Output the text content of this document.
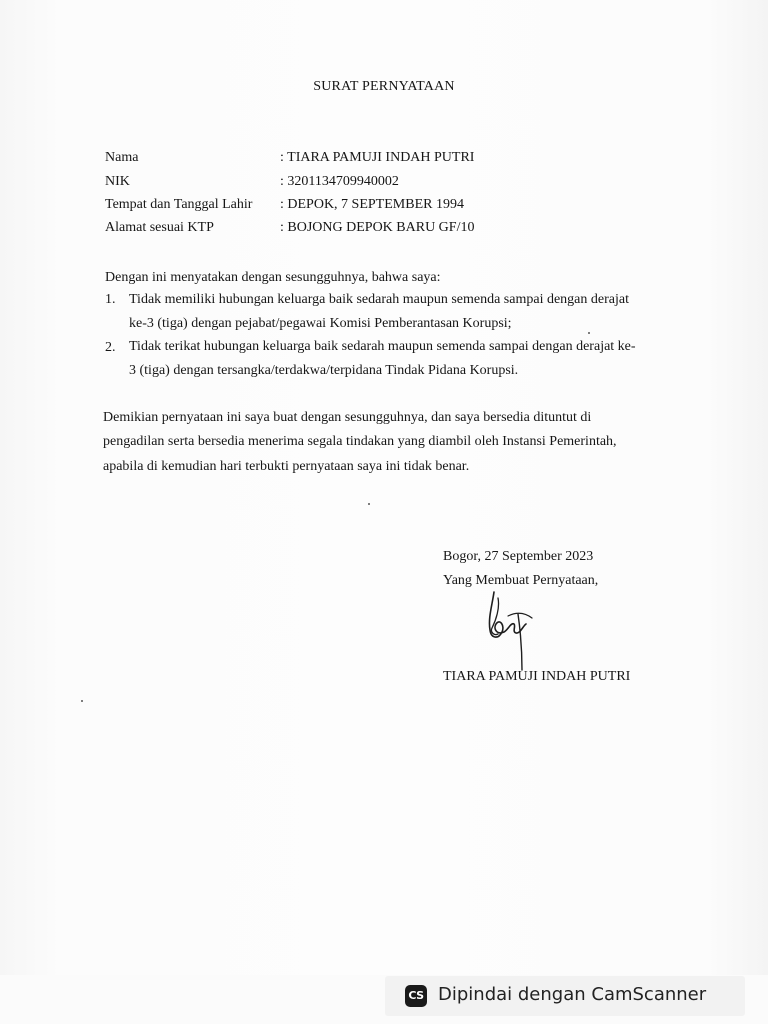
SURAT PERNYATAAN
Nama	: TIARA PAMUJI INDAH PUTRI
NIK	: 3201134709940002
Tempat dan Tanggal Lahir : DEPOK, 7 SEPTEMBER 1994
Alamat sesuai KTP	: BOJONG DEPOK BARU GF/10
Dengan ini menyatakan dengan sesungguhnya, bahwa saya:
1. Tidak memiliki hubungan keluarga baik sedarah maupun semenda sampai dengan derajat
ke-3 (tiga) dengan pejabat/pegawai Komisi Pemberantasan Korupsi;
2. Tidak terikat hubungan keluarga baik sedarah maupun semenda sampai dengan derajat ke-
3 (tiga) dengan tersangka/terdakwa/terpidana Tindak Pidana Korupsi.
Demikian pernyataan ini saya buat dengan sesungguhnya, dan saya bersedia dituntut di
pengadilan serta bersedia menerima segala tindakan yang diambil oleh Instansi Pemerintah,
apabila di kemudian hari terbukti pernyataan saya ini tidak benar.
Bogor, 27 September 2023
Yang Membuat Pernyataan,
TIARA PAMUJI INDAH PUTRI
CS Dipindai dengan CamScanner
